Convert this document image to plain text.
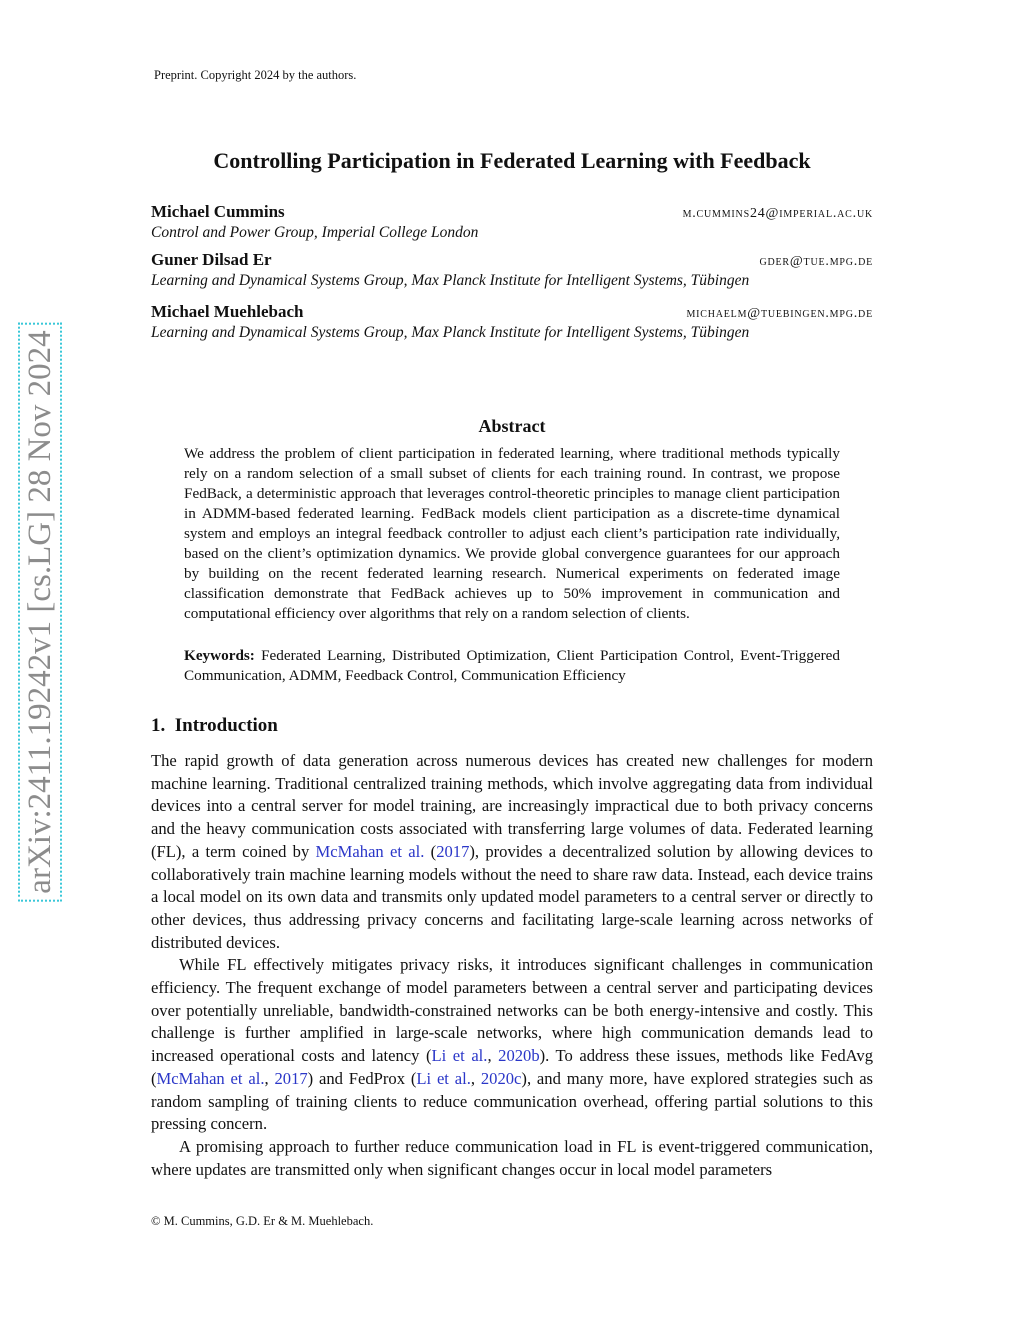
Preprint. Copyright 2024 by the authors.
arXiv:2411.19242v1 [cs.LG] 28 Nov 2024
Controlling Participation in Federated Learning with Feedback
Michael Cummins	m.cummins24@imperial.ac.uk
Control and Power Group, Imperial College London
Guner Dilsad Er	gder@tue.mpg.de
Learning and Dynamical Systems Group, Max Planck Institute for Intelligent Systems, Tübingen
Michael Muehlebach	michaelm@tuebingen.mpg.de
Learning and Dynamical Systems Group, Max Planck Institute for Intelligent Systems, Tübingen
Abstract
We address the problem of client participation in federated learning, where traditional methods typically rely on a random selection of a small subset of clients for each training round. In contrast, we propose FedBack, a deterministic approach that leverages control-theoretic principles to manage client participation in ADMM-based federated learning. FedBack models client participation as a discrete-time dynamical system and employs an integral feedback controller to adjust each client’s participation rate individually, based on the client’s optimization dynamics. We provide global convergence guarantees for our approach by building on the recent federated learning research. Numerical experiments on federated image classification demonstrate that FedBack achieves up to 50% improvement in communication and computational efficiency over algorithms that rely on a random selection of clients.
Keywords: Federated Learning, Distributed Optimization, Client Participation Control, Event-Triggered Communication, ADMM, Feedback Control, Communication Efficiency
1. Introduction

The rapid growth of data generation across numerous devices has created new challenges for modern machine learning. Traditional centralized training methods, which involve aggregating data from individual devices into a central server for model training, are increasingly impractical due to both privacy concerns and the heavy communication costs associated with transferring large volumes of data. Federated learning (FL), a term coined by McMahan et al. (2017), provides a decentralized solution by allowing devices to collaboratively train machine learning models without the need to share raw data. Instead, each device trains a local model on its own data and transmits only updated model parameters to a central server or directly to other devices, thus addressing privacy concerns and facilitating large-scale learning across networks of distributed devices.

While FL effectively mitigates privacy risks, it introduces significant challenges in communication efficiency. The frequent exchange of model parameters between a central server and participating devices over potentially unreliable, bandwidth-constrained networks can be both energy-intensive and costly. This challenge is further amplified in large-scale networks, where high communication demands lead to increased operational costs and latency (Li et al., 2020b). To address these issues, methods like FedAvg (McMahan et al., 2017) and FedProx (Li et al., 2020c), and many more, have explored strategies such as random sampling of training clients to reduce communication overhead, offering partial solutions to this pressing concern.

A promising approach to further reduce communication load in FL is event-triggered communication, where updates are transmitted only when significant changes occur in local model parameters

© M. Cummins, G.D. Er & M. Muehlebach.
